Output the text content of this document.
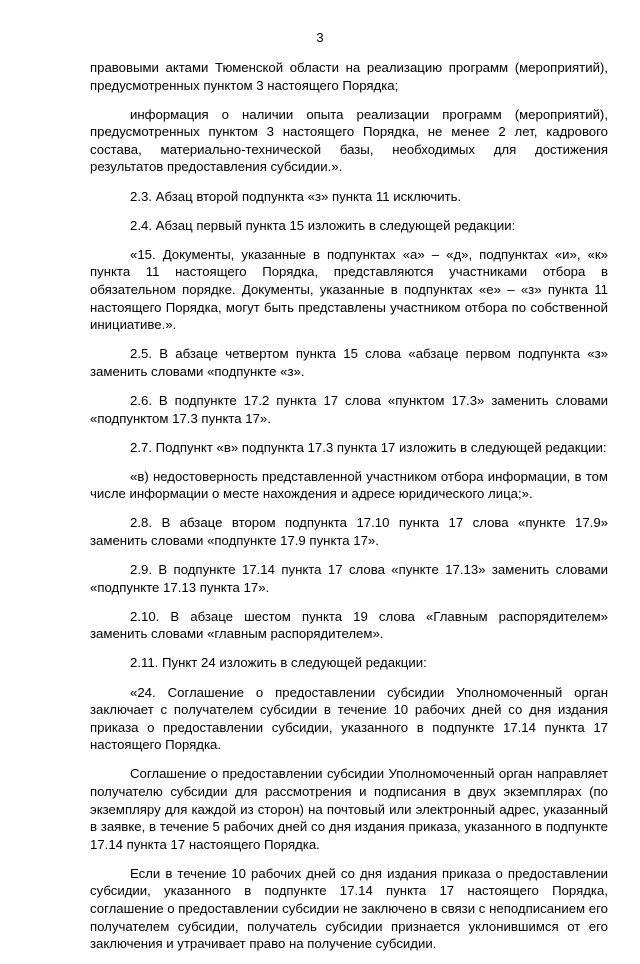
3

правовыми актами Тюменской области на реализацию программ (мероприятий), предусмотренных пунктом 3 настоящего Порядка;

информация о наличии опыта реализации программ (мероприятий), предусмотренных пунктом 3 настоящего Порядка, не менее 2 лет, кадрового состава, материально-технической базы, необходимых для достижения результатов предоставления субсидии.».

2.3. Абзац второй подпункта «з» пункта 11 исключить.

2.4. Абзац первый пункта 15 изложить в следующей редакции:

«15. Документы, указанные в подпунктах «а» – «д», подпунктах «и», «к» пункта 11 настоящего Порядка, представляются участниками отбора в обязательном порядке. Документы, указанные в подпунктах «е» – «з» пункта 11 настоящего Порядка, могут быть представлены участником отбора по собственной инициативе.».

2.5. В абзаце четвертом пункта 15 слова «абзаце первом подпункта «з» заменить словами «подпункте «з».

2.6. В подпункте 17.2 пункта 17 слова «пунктом 17.3» заменить словами «подпунктом 17.3 пункта 17».

2.7. Подпункт «в» подпункта 17.3 пункта 17 изложить в следующей редакции:

«в) недостоверность представленной участником отбора информации, в том числе информации о месте нахождения и адресе юридического лица;».

2.8. В абзаце втором подпункта 17.10 пункта 17 слова «пункте 17.9» заменить словами «подпункте 17.9 пункта 17».

2.9. В подпункте 17.14 пункта 17 слова «пункте 17.13» заменить словами «подпункте 17.13 пункта 17».

2.10. В абзаце шестом пункта 19 слова «Главным распорядителем» заменить словами «главным распорядителем».

2.11. Пункт 24 изложить в следующей редакции:

«24. Соглашение о предоставлении субсидии Уполномоченный орган заключает с получателем субсидии в течение 10 рабочих дней со дня издания приказа о предоставлении субсидии, указанного в подпункте 17.14 пункта 17 настоящего Порядка.

Соглашение о предоставлении субсидии Уполномоченный орган направляет получателю субсидии для рассмотрения и подписания в двух экземплярах (по экземпляру для каждой из сторон) на почтовый или электронный адрес, указанный в заявке, в течение 5 рабочих дней со дня издания приказа, указанного в подпункте 17.14 пункта 17 настоящего Порядка.

Если в течение 10 рабочих дней со дня издания приказа о предоставлении субсидии, указанного в подпункте 17.14 пункта 17 настоящего Порядка, соглашение о предоставлении субсидии не заключено в связи с неподписанием его получателем субсидии, получатель субсидии признается уклонившимся от его заключения и утрачивает право на получение субсидии.
